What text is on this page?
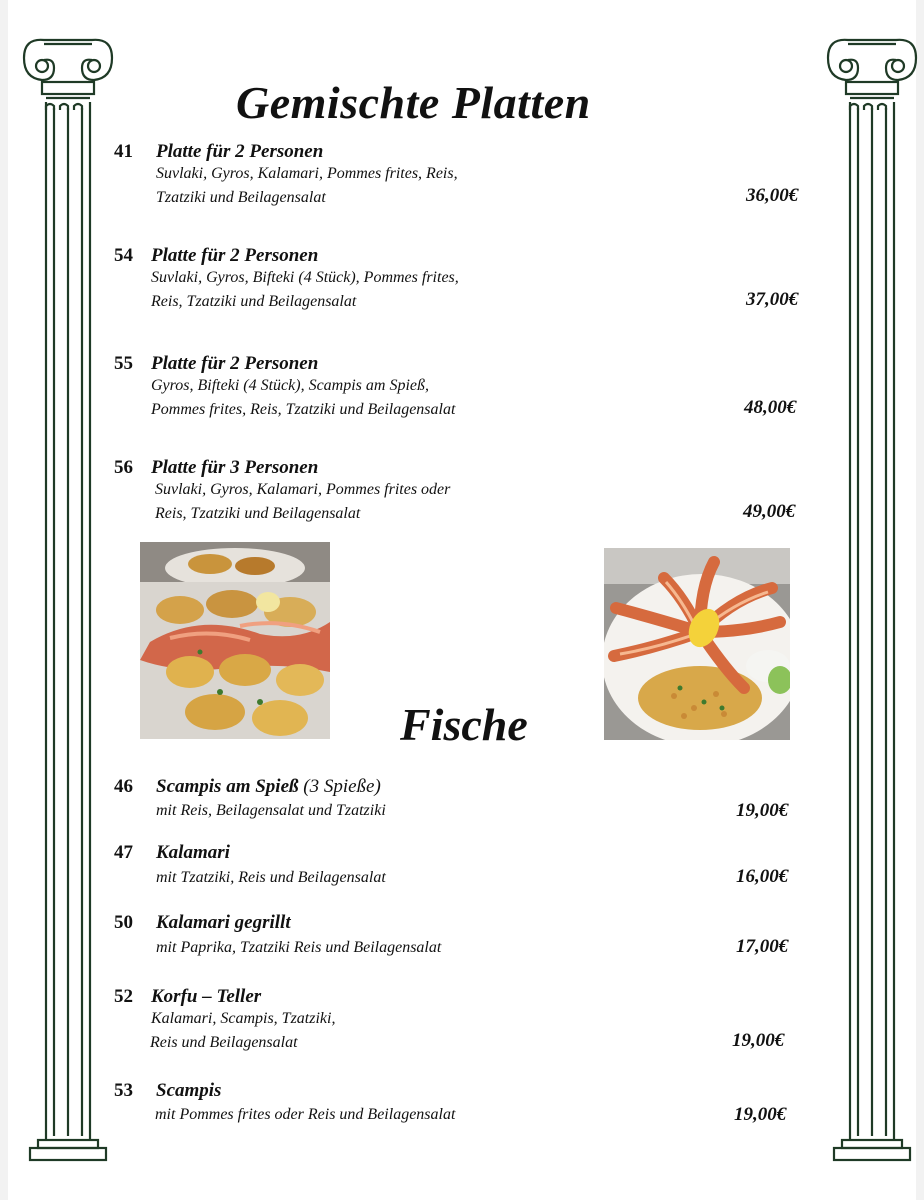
Gemischte Platten
41 Platte für 2 Personen
Suvlaki, Gyros, Kalamari, Pommes frites, Reis,
Tzatziki und Beilagensalat	36,00€
54 Platte für 2 Personen
Suvlaki, Gyros, Bifteki (4 Stück), Pommes frites,
Reis, Tzatziki und Beilagensalat	37,00€
55 Platte für 2 Personen
Gyros, Bifteki (4 Stück), Scampis am Spieß,
Pommes frites, Reis, Tzatziki und Beilagensalat	48,00€
56 Platte für 3 Personen
Suvlaki, Gyros, Kalamari, Pommes frites oder
Reis, Tzatziki und Beilagensalat	49,00€
Fische
46 Scampis am Spieß (3 Spieße)
mit Reis, Beilagensalat und Tzatziki	19,00€
47 Kalamari
mit Tzatziki, Reis und Beilagensalat	16,00€
50 Kalamari gegrillt
mit Paprika, Tzatziki Reis und Beilagensalat	17,00€
52 Korfu – Teller
Kalamari, Scampis, Tzatziki,
Reis und Beilagensalat	19,00€
53 Scampis
mit Pommes frites oder Reis und Beilagensalat	19,00€
